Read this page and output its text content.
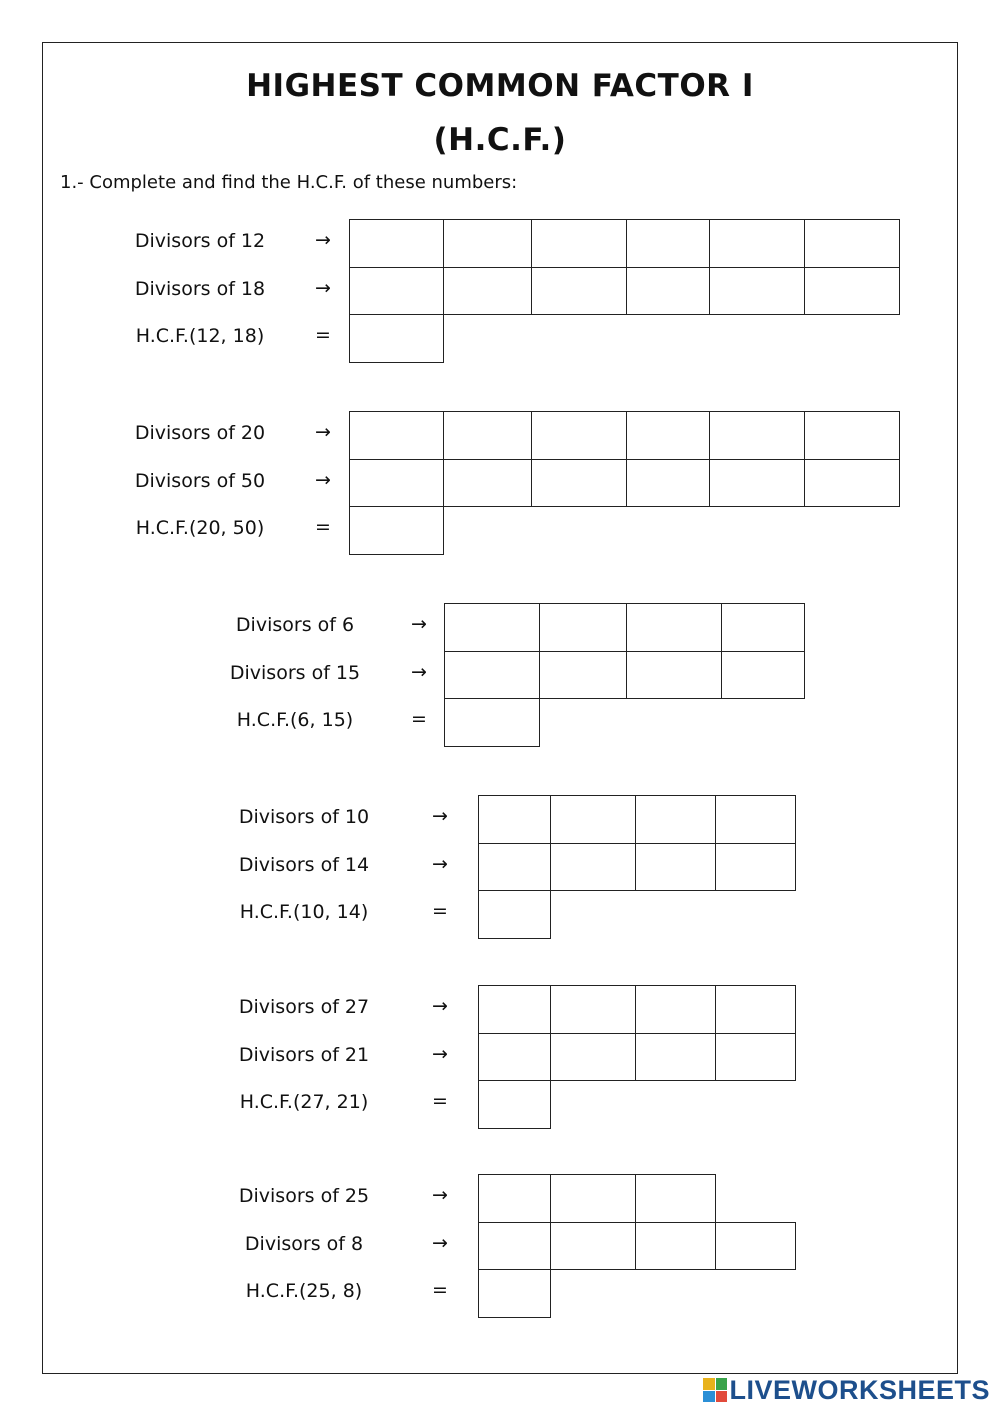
HIGHEST COMMON FACTOR I
(H.C.F.)
1.- Complete and find the H.C.F. of these numbers:
Divisors of 12	→
Divisors of 18	→
H.C.F.(12, 18)	=
Divisors of 20	→
Divisors of 50	→
H.C.F.(20, 50)	=
Divisors of 6	→
Divisors of 15	→
H.C.F.(6, 15)	=
Divisors of 10	→
Divisors of 14	→
H.C.F.(10, 14)	=
Divisors of 27	→
Divisors of 21	→
H.C.F.(27, 21)	=
Divisors of 25	→
Divisors of 8	→
H.C.F.(25, 8)	=
LIVEWORKSHEETS
